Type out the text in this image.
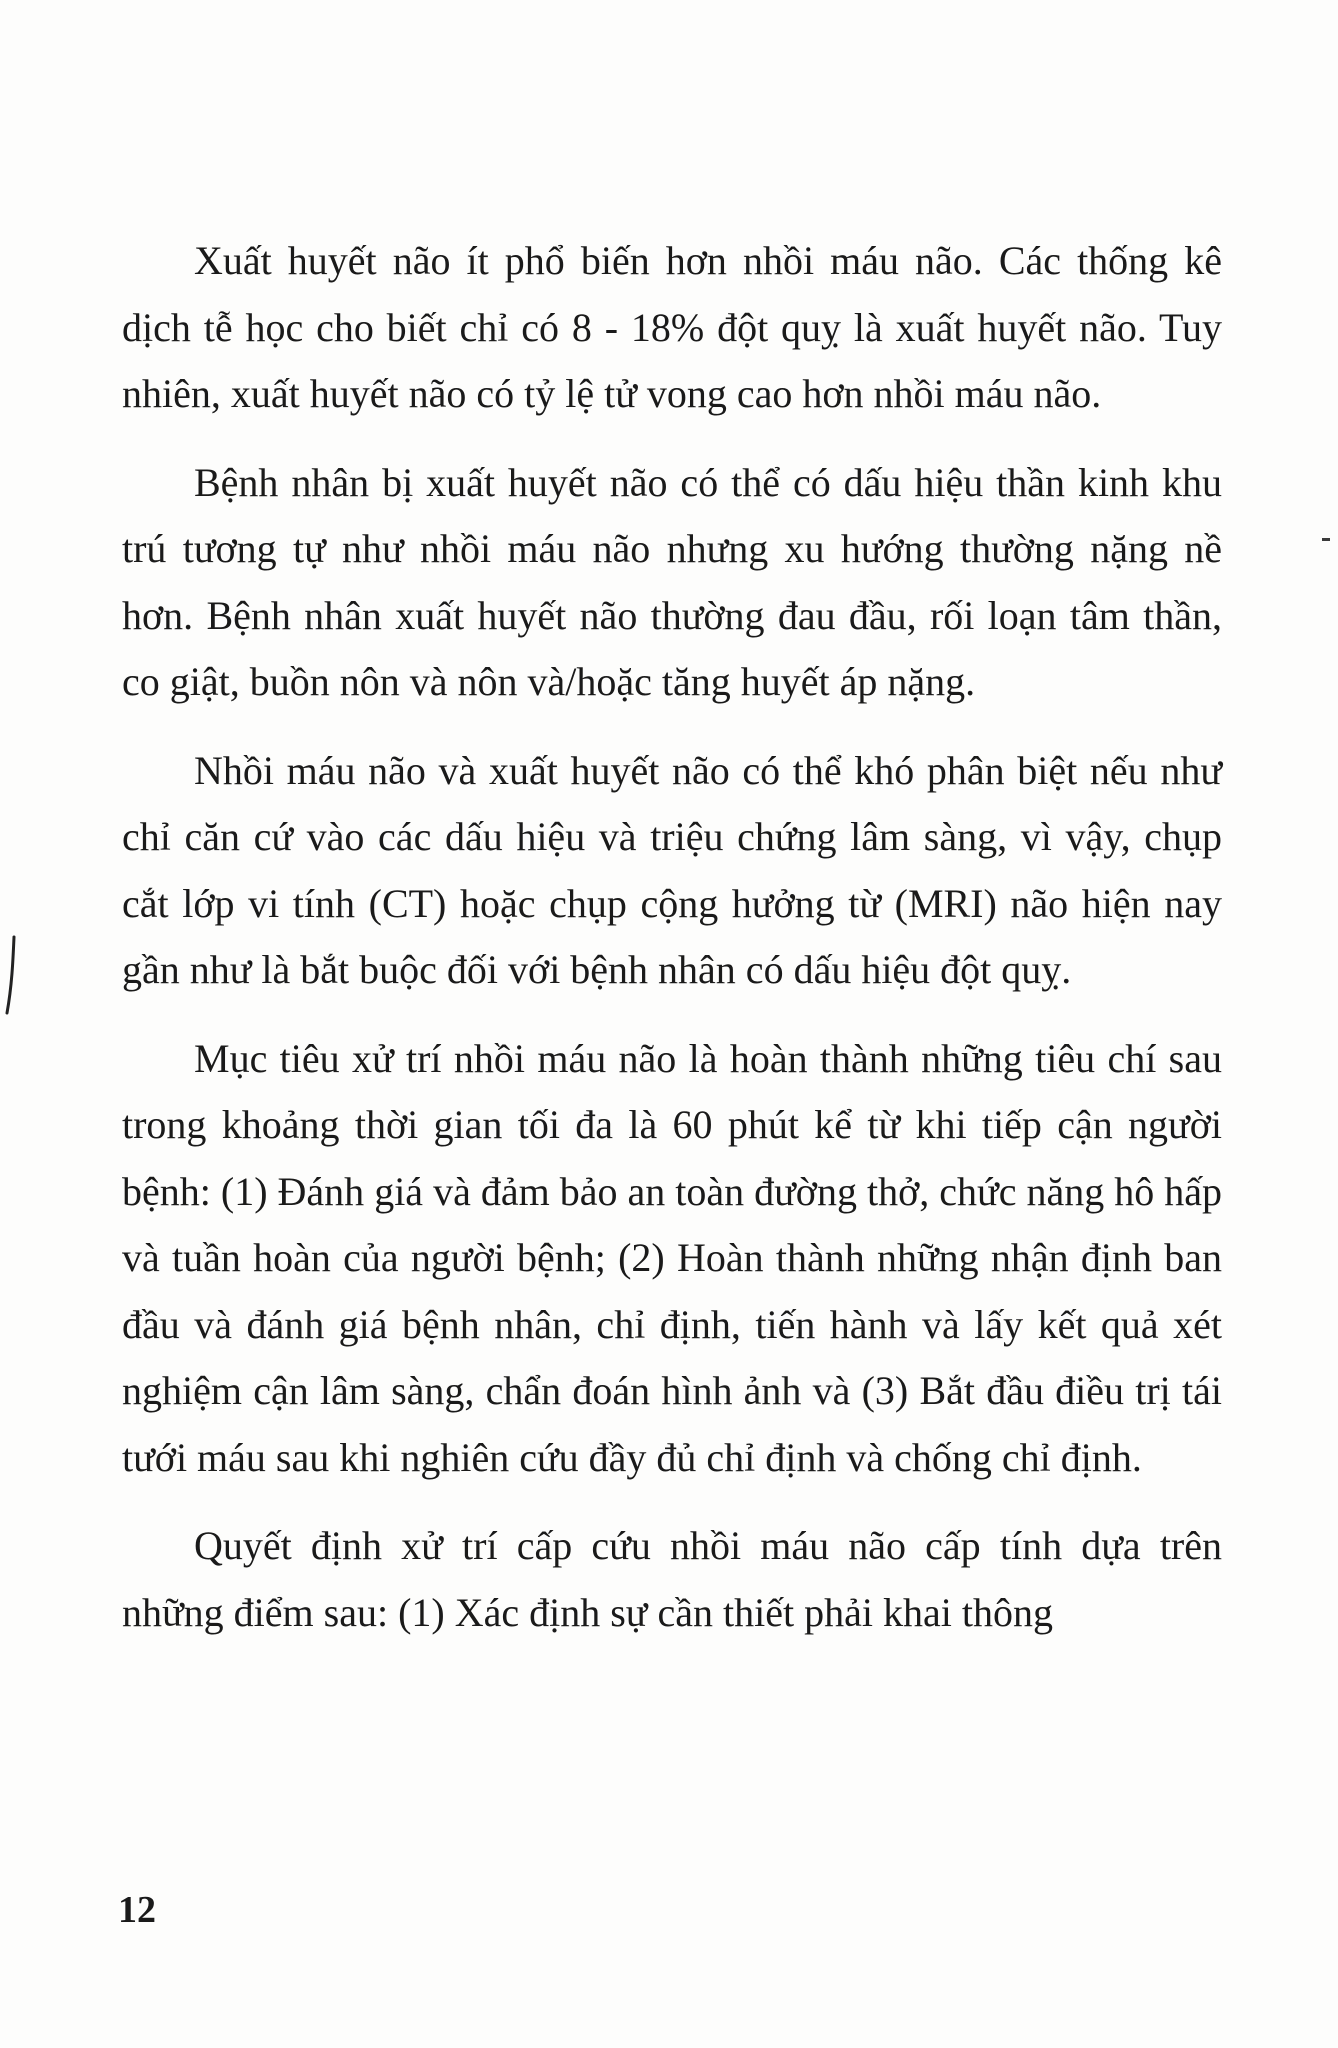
Xuất huyết não ít phổ biến hơn nhồi máu não. Các thống kê dịch tễ học cho biết chỉ có 8 - 18% đột quỵ là xuất huyết não. Tuy nhiên, xuất huyết não có tỷ lệ tử vong cao hơn nhồi máu não.

Bệnh nhân bị xuất huyết não có thể có dấu hiệu thần kinh khu trú tương tự như nhồi máu não nhưng xu hướng thường nặng nề hơn. Bệnh nhân xuất huyết não thường đau đầu, rối loạn tâm thần, co giật, buồn nôn và nôn và/hoặc tăng huyết áp nặng.

Nhồi máu não và xuất huyết não có thể khó phân biệt nếu như chỉ căn cứ vào các dấu hiệu và triệu chứng lâm sàng, vì vậy, chụp cắt lớp vi tính (CT) hoặc chụp cộng hưởng từ (MRI) não hiện nay gần như là bắt buộc đối với bệnh nhân có dấu hiệu đột quỵ.

Mục tiêu xử trí nhồi máu não là hoàn thành những tiêu chí sau trong khoảng thời gian tối đa là 60 phút kể từ khi tiếp cận người bệnh: (1) Đánh giá và đảm bảo an toàn đường thở, chức năng hô hấp và tuần hoàn của người bệnh; (2) Hoàn thành những nhận định ban đầu và đánh giá bệnh nhân, chỉ định, tiến hành và lấy kết quả xét nghiệm cận lâm sàng, chẩn đoán hình ảnh và (3) Bắt đầu điều trị tái tưới máu sau khi nghiên cứu đầy đủ chỉ định và chống chỉ định.

Quyết định xử trí cấp cứu nhồi máu não cấp tính dựa trên những điểm sau: (1) Xác định sự cần thiết phải khai thông

12
